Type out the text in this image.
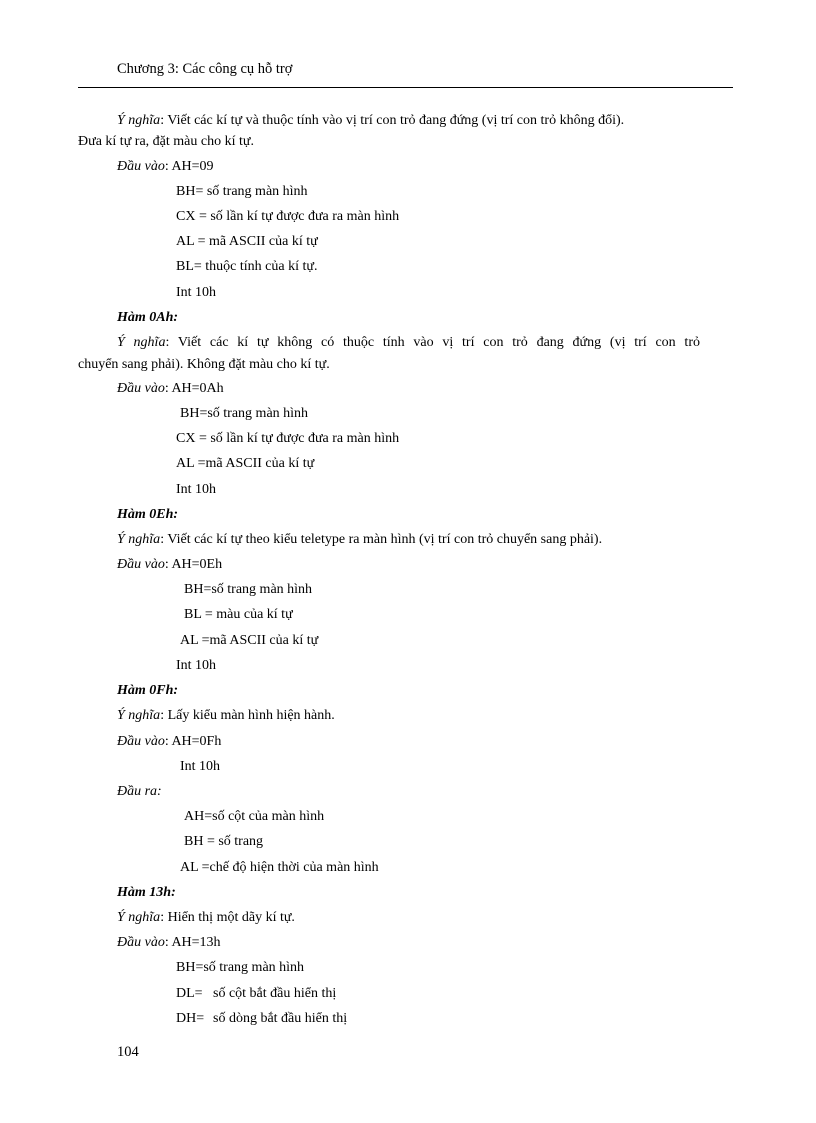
Chương 3: Các công cụ hỗ trợ
Ý nghĩa: Viết các kí tự và thuộc tính vào vị trí con trỏ đang đứng (vị trí con trỏ không đổi).
Đưa kí tự ra, đặt màu cho kí tự.
Đầu vào: AH=09
BH= số trang màn hình
CX = số lần kí tự được đưa ra màn hình
AL = mã ASCII của kí tự
BL= thuộc tính của kí tự.
Int 10h
Hàm 0Ah:
Ý nghĩa: Viết các kí tự không có thuộc tính vào vị trí con trỏ đang đứng (vị trí con trỏ
chuyển sang phải). Không đặt màu cho kí tự.
Đầu vào: AH=0Ah
BH=số trang màn hình
CX = số lần kí tự được đưa ra màn hình
AL =mã ASCII của kí tự
Int 10h
Hàm 0Eh:
Ý nghĩa: Viết các kí tự theo kiểu teletype ra màn hình (vị trí con trỏ chuyển sang phải).
Đầu vào: AH=0Eh
BH=số trang màn hình
BL = màu của kí tự
AL =mã ASCII của kí tự
Int 10h
Hàm 0Fh:
Ý nghĩa: Lấy kiểu màn hình hiện hành.
Đầu vào: AH=0Fh
Int 10h
Đầu ra:
AH=số cột của màn hình
BH = số trang
AL =chế độ hiện thời của màn hình
Hàm 13h:
Ý nghĩa: Hiển thị một dãy kí tự.
Đầu vào: AH=13h
BH=số trang màn hình
DL= số cột bắt đầu hiển thị
DH= số dòng bắt đầu hiển thị
104
